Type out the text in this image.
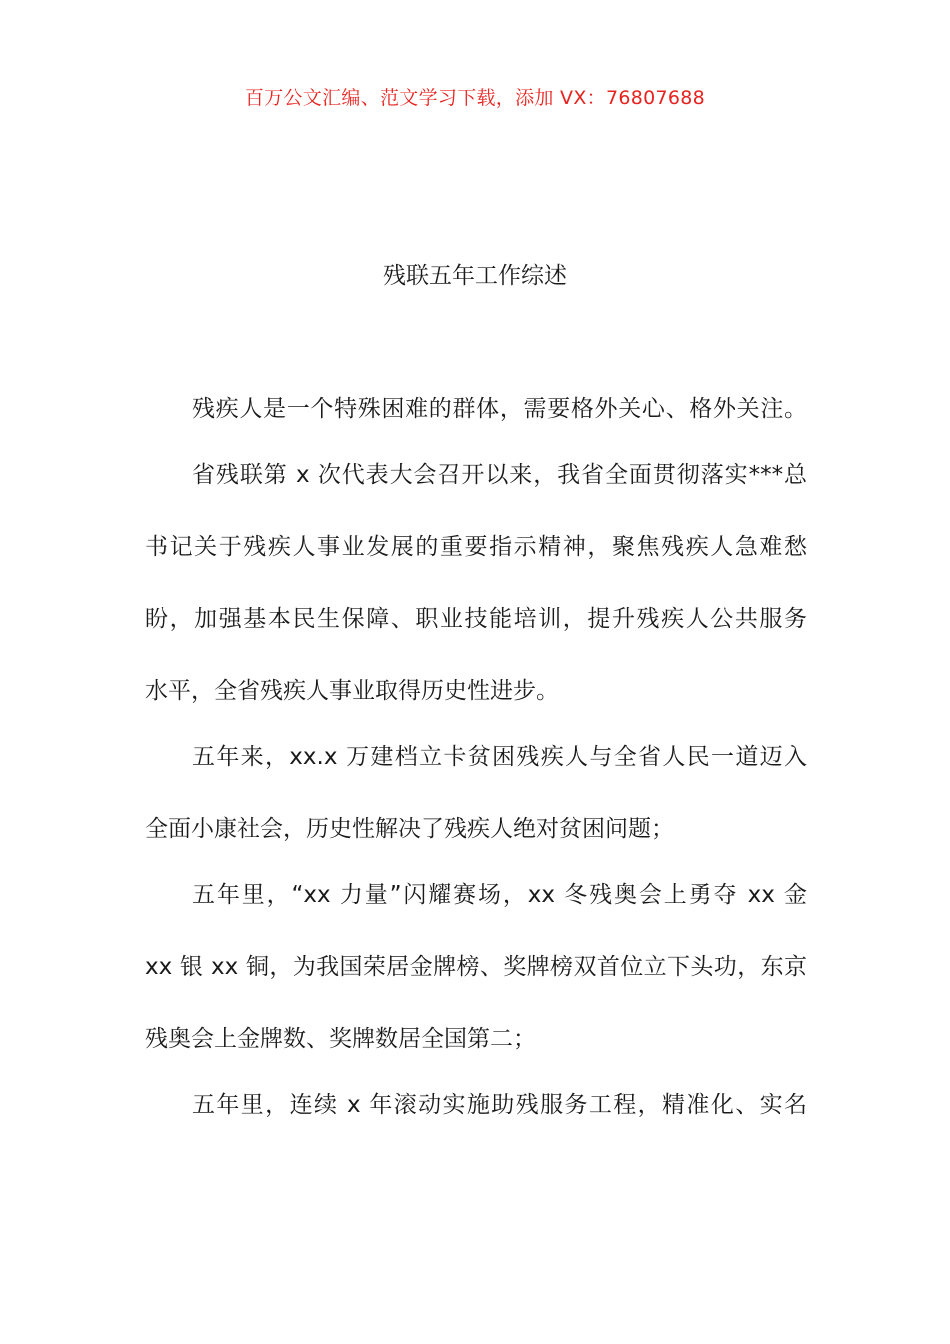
百万公文汇编、范文学习下载，添加 VX：76807688
残联五年工作综述
残疾人是一个特殊困难的群体，需要格外关心、格外关注。
省残联第 x 次代表大会召开以来，我省全面贯彻落实***总
书记关于残疾人事业发展的重要指示精神，聚焦残疾人急难愁
盼，加强基本民生保障、职业技能培训，提升残疾人公共服务
水平，全省残疾人事业取得历史性进步。
五年来，xx.x 万建档立卡贫困残疾人与全省人民一道迈入
全面小康社会，历史性解决了残疾人绝对贫困问题；
五年里，“xx 力量”闪耀赛场，xx 冬残奥会上勇夺 xx 金
xx 银 xx 铜，为我国荣居金牌榜、奖牌榜双首位立下头功，东京
残奥会上金牌数、奖牌数居全国第二；
五年里，连续 x 年滚动实施助残服务工程，精准化、实名
